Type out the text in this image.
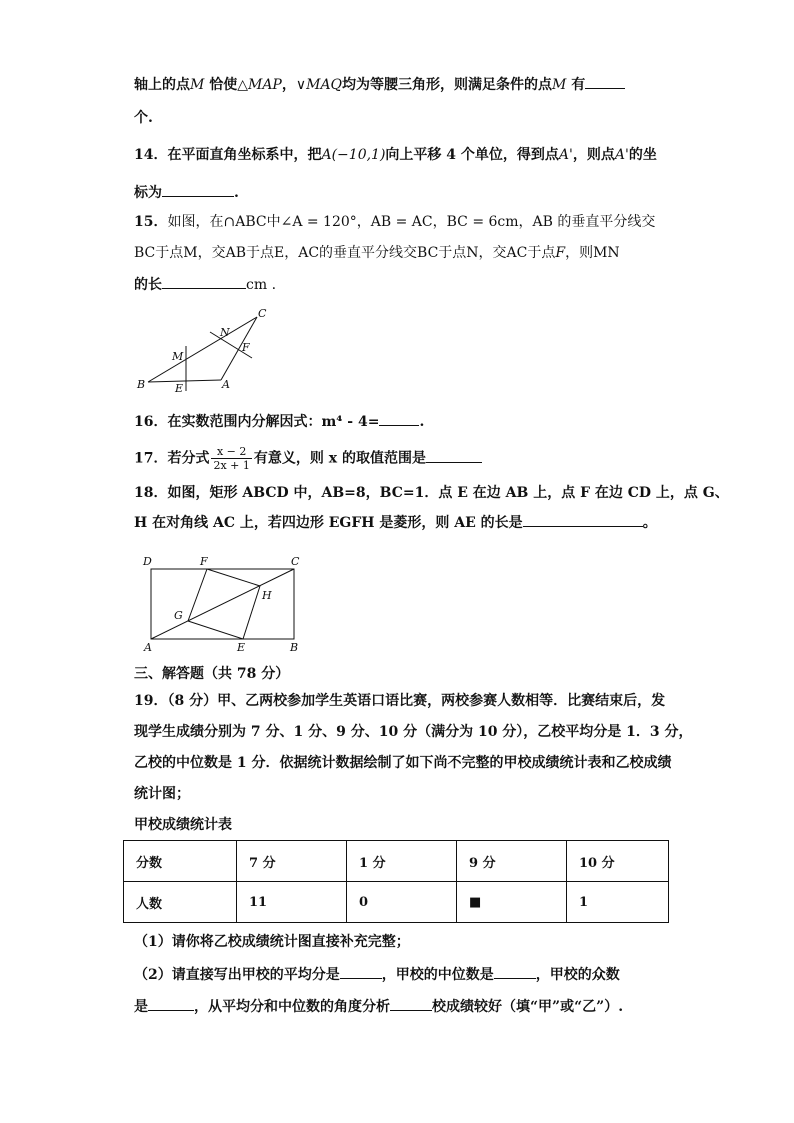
轴上的点M 恰使△MAP，∨MAQ均为等腰三角形，则满足条件的点M 有
个.
14．在平面直角坐标系中，把A(−10,1)向上平移 4 个单位，得到点A'，则点A'的坐
标为	.
15．如图，在∩ABC中∠A = 120°，AB = AC，BC = 6cm，AB 的垂直平分线交
BC于点M，交AB于点E，AC的垂直平分线交BC于点N，交AC于点F，则MN
的长	cm .
C
N
F
M
B	E	A
16．在实数范围内分解因式：m⁴ - 4=	.
17．若分式 $\frac{x - 2}{2x + 1}$ 有意义，则 x 的取值范围是
18．如图，矩形 ABCD 中，AB=8，BC=1．点 E 在边 AB 上，点 F 在边 CD 上，点 G、
H 在对角线 AC 上，若四边形 EGFH 是菱形，则 AE 的长是	。
D	F	C
H
G
A	E	B
三、解答题（共 78 分）
19．（8 分）甲、乙两校参加学生英语口语比赛，两校参赛人数相等．比赛结束后，发
现学生成绩分别为 7 分、1 分、9 分、10 分（满分为 10 分），乙校平均分是 1．3 分，
乙校的中位数是 1 分．依据统计数据绘制了如下尚不完整的甲校成绩统计表和乙校成绩
统计图；
甲校成绩统计表
分数	7 分	1 分	9 分	10 分
人数	11	0	■	1
（1）请你将乙校成绩统计图直接补充完整；
（2）请直接写出甲校的平均分是	，甲校的中位数是	，甲校的众数
是	，从平均分和中位数的角度分析	校成绩较好（填“甲”或“乙”）.
